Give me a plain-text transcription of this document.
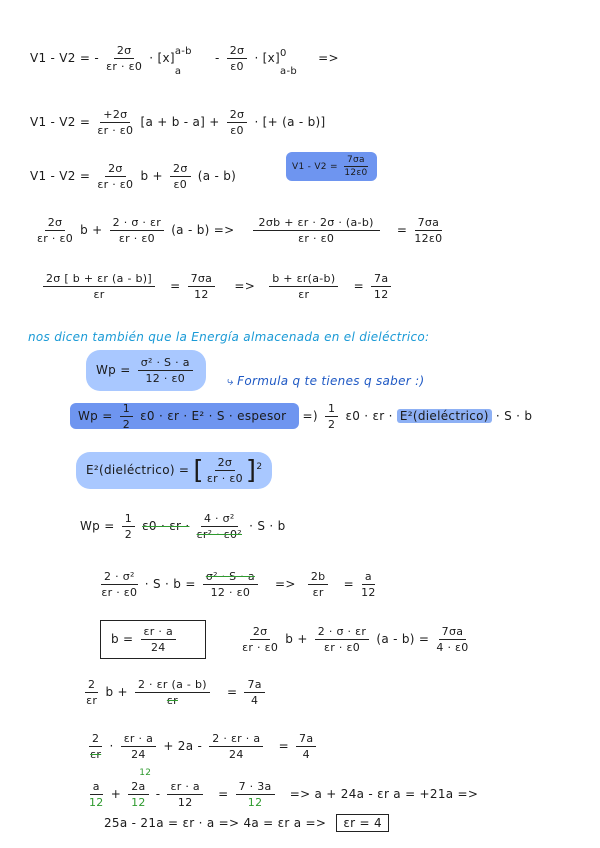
V1 - V2 = - $\frac{2\sigma}{\varepsilon r \cdot \varepsilon 0} \cdot [x]$ a-b
a
- $\frac{2\sigma}{\varepsilon 0} \cdot [x]$ 0
a-b
=>
$V1 - V2 = \frac{+2\sigma}{\varepsilon r \cdot \varepsilon 0} [a + b - a] + \frac{2\sigma}{\varepsilon 0}$ · [+ (a - b)]
$V1 - V2 = \frac{2\sigma}{\varepsilon r \cdot \varepsilon 0}$ $b + \frac{2\sigma}{\varepsilon 0} (a - b)$
$V1 - V2 = \frac{7\sigma a}{12\varepsilon 0}$
$\frac{2\sigma}{\varepsilon r \cdot \varepsilon 0}$ $b + \frac{2 \cdot \sigma \cdot \varepsilon r}{\varepsilon r \cdot \varepsilon 0} (a - b) => \frac{2\sigma b + \varepsilon r \cdot 2\sigma \cdot (a-b)}{\varepsilon r \cdot \varepsilon 0} = \frac{7\sigma a}{12\varepsilon 0}$
$\frac{2\sigma [ b + \varepsilon r (a - b)]}{\varepsilon r} = \frac{7\sigma a}{12} => \frac{b + \varepsilon r(a-b)}{\varepsilon r} = \frac{7a}{12}$
nos dicen también que la Energía almacenada en el dieléctrico:
$Wp = \frac{\text{σ² · S · a}}{12 \cdot \varepsilon 0}$	⤷ Formula q te tienes q saber :)
$Wp = \frac{1}{2} \varepsilon 0 \cdot \varepsilon r \cdot E^2 \cdot S$ · espesor =) $\frac{1}{2} \varepsilon 0 \cdot \varepsilon r$ · E²(dieléctrico) · S · b
E²(dieléctrico) = [ $\frac{2\sigma}{\varepsilon r \cdot \varepsilon 0} ]^2$
$Wp = \frac{1}{2} \varepsilon 0 \cdot \varepsilon r \cdot \frac{\text{4 · σ²}}{\text{εr² · ε0²}} \cdot S \cdot b$
$\frac{\text{2 · σ²}}{\varepsilon r \cdot \varepsilon 0} \cdot S \cdot b = \frac{\text{σ² · S · a}}{12 \cdot \varepsilon 0} => \frac{2b}{\varepsilon r} = \frac{a}{12}$
$b = \frac{\varepsilon r \cdot a}{24}$
	$\frac{2\sigma}{\varepsilon r \cdot \varepsilon 0}$ $b + \frac{2 \cdot \sigma \cdot \varepsilon r}{\varepsilon r \cdot \varepsilon 0} (a - b) = \frac{7\sigma a}{4 \cdot \varepsilon 0}$
$\frac{2}{\varepsilon r}$ $b + \frac{2 \cdot \varepsilon r (a - b)}{\varepsilon r} = \frac{7a}{4}$
$\frac{2}{\varepsilon r} \cdot \frac{\varepsilon r \cdot a}{24} + 2a - \frac{2 \cdot \varepsilon r \cdot a}{24} = \frac{7a}{4}$
$\frac{a}{12}$ +
12
$\frac{2a}{12} - \frac{\varepsilon r \cdot a}{12} = \frac{7 \cdot 3a}{12} => a + 24a - \varepsilon r$ a = +21a =>
25a - 21a = εr · a => 4a = εr a => εr = 4
